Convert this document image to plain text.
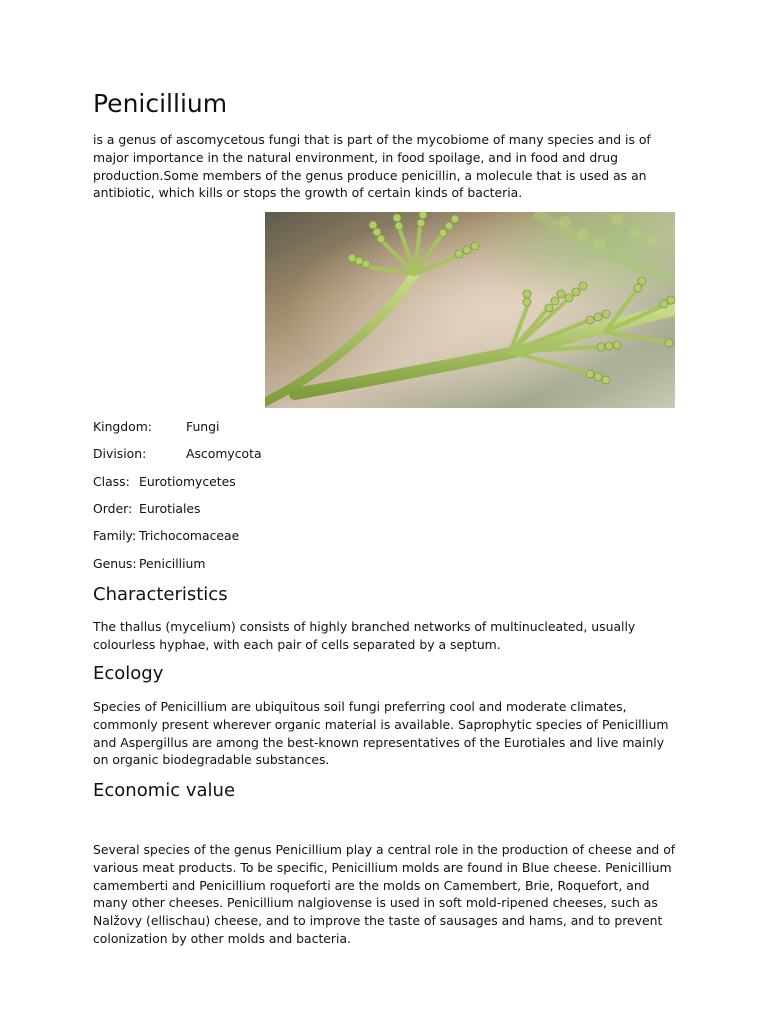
Penicillium

is a genus of ascomycetous fungi that is part of the mycobiome of many species and is of major importance in the natural environment, in food spoilage, and in food and drug production.Some members of the genus produce penicillin, a molecule that is used as an antibiotic, which kills or stops the growth of certain kinds of bacteria.

Kingdom:	Fungi
Division:	Ascomycota
Class: Eurotiomycetes
Order: Eurotiales
Family: Trichocomaceae
Genus: Penicillium
Characteristics

The thallus (mycelium) consists of highly branched networks of multinucleated, usually colourless hyphae, with each pair of cells separated by a septum.

Ecology

Species of Penicillium are ubiquitous soil fungi preferring cool and moderate climates, commonly present wherever organic material is available. Saprophytic species of Penicillium and Aspergillus are among the best-known representatives of the Eurotiales and live mainly on organic biodegradable substances.

Economic value

Several species of the genus Penicillium play a central role in the production of cheese and of various meat products. To be specific, Penicillium molds are found in Blue cheese. Penicillium camemberti and Penicillium roqueforti are the molds on Camembert, Brie, Roquefort, and many other cheeses. Penicillium nalgiovense is used in soft mold-ripened cheeses, such as Nalžovy (ellischau) cheese, and to improve the taste of sausages and hams, and to prevent colonization by other molds and bacteria.
